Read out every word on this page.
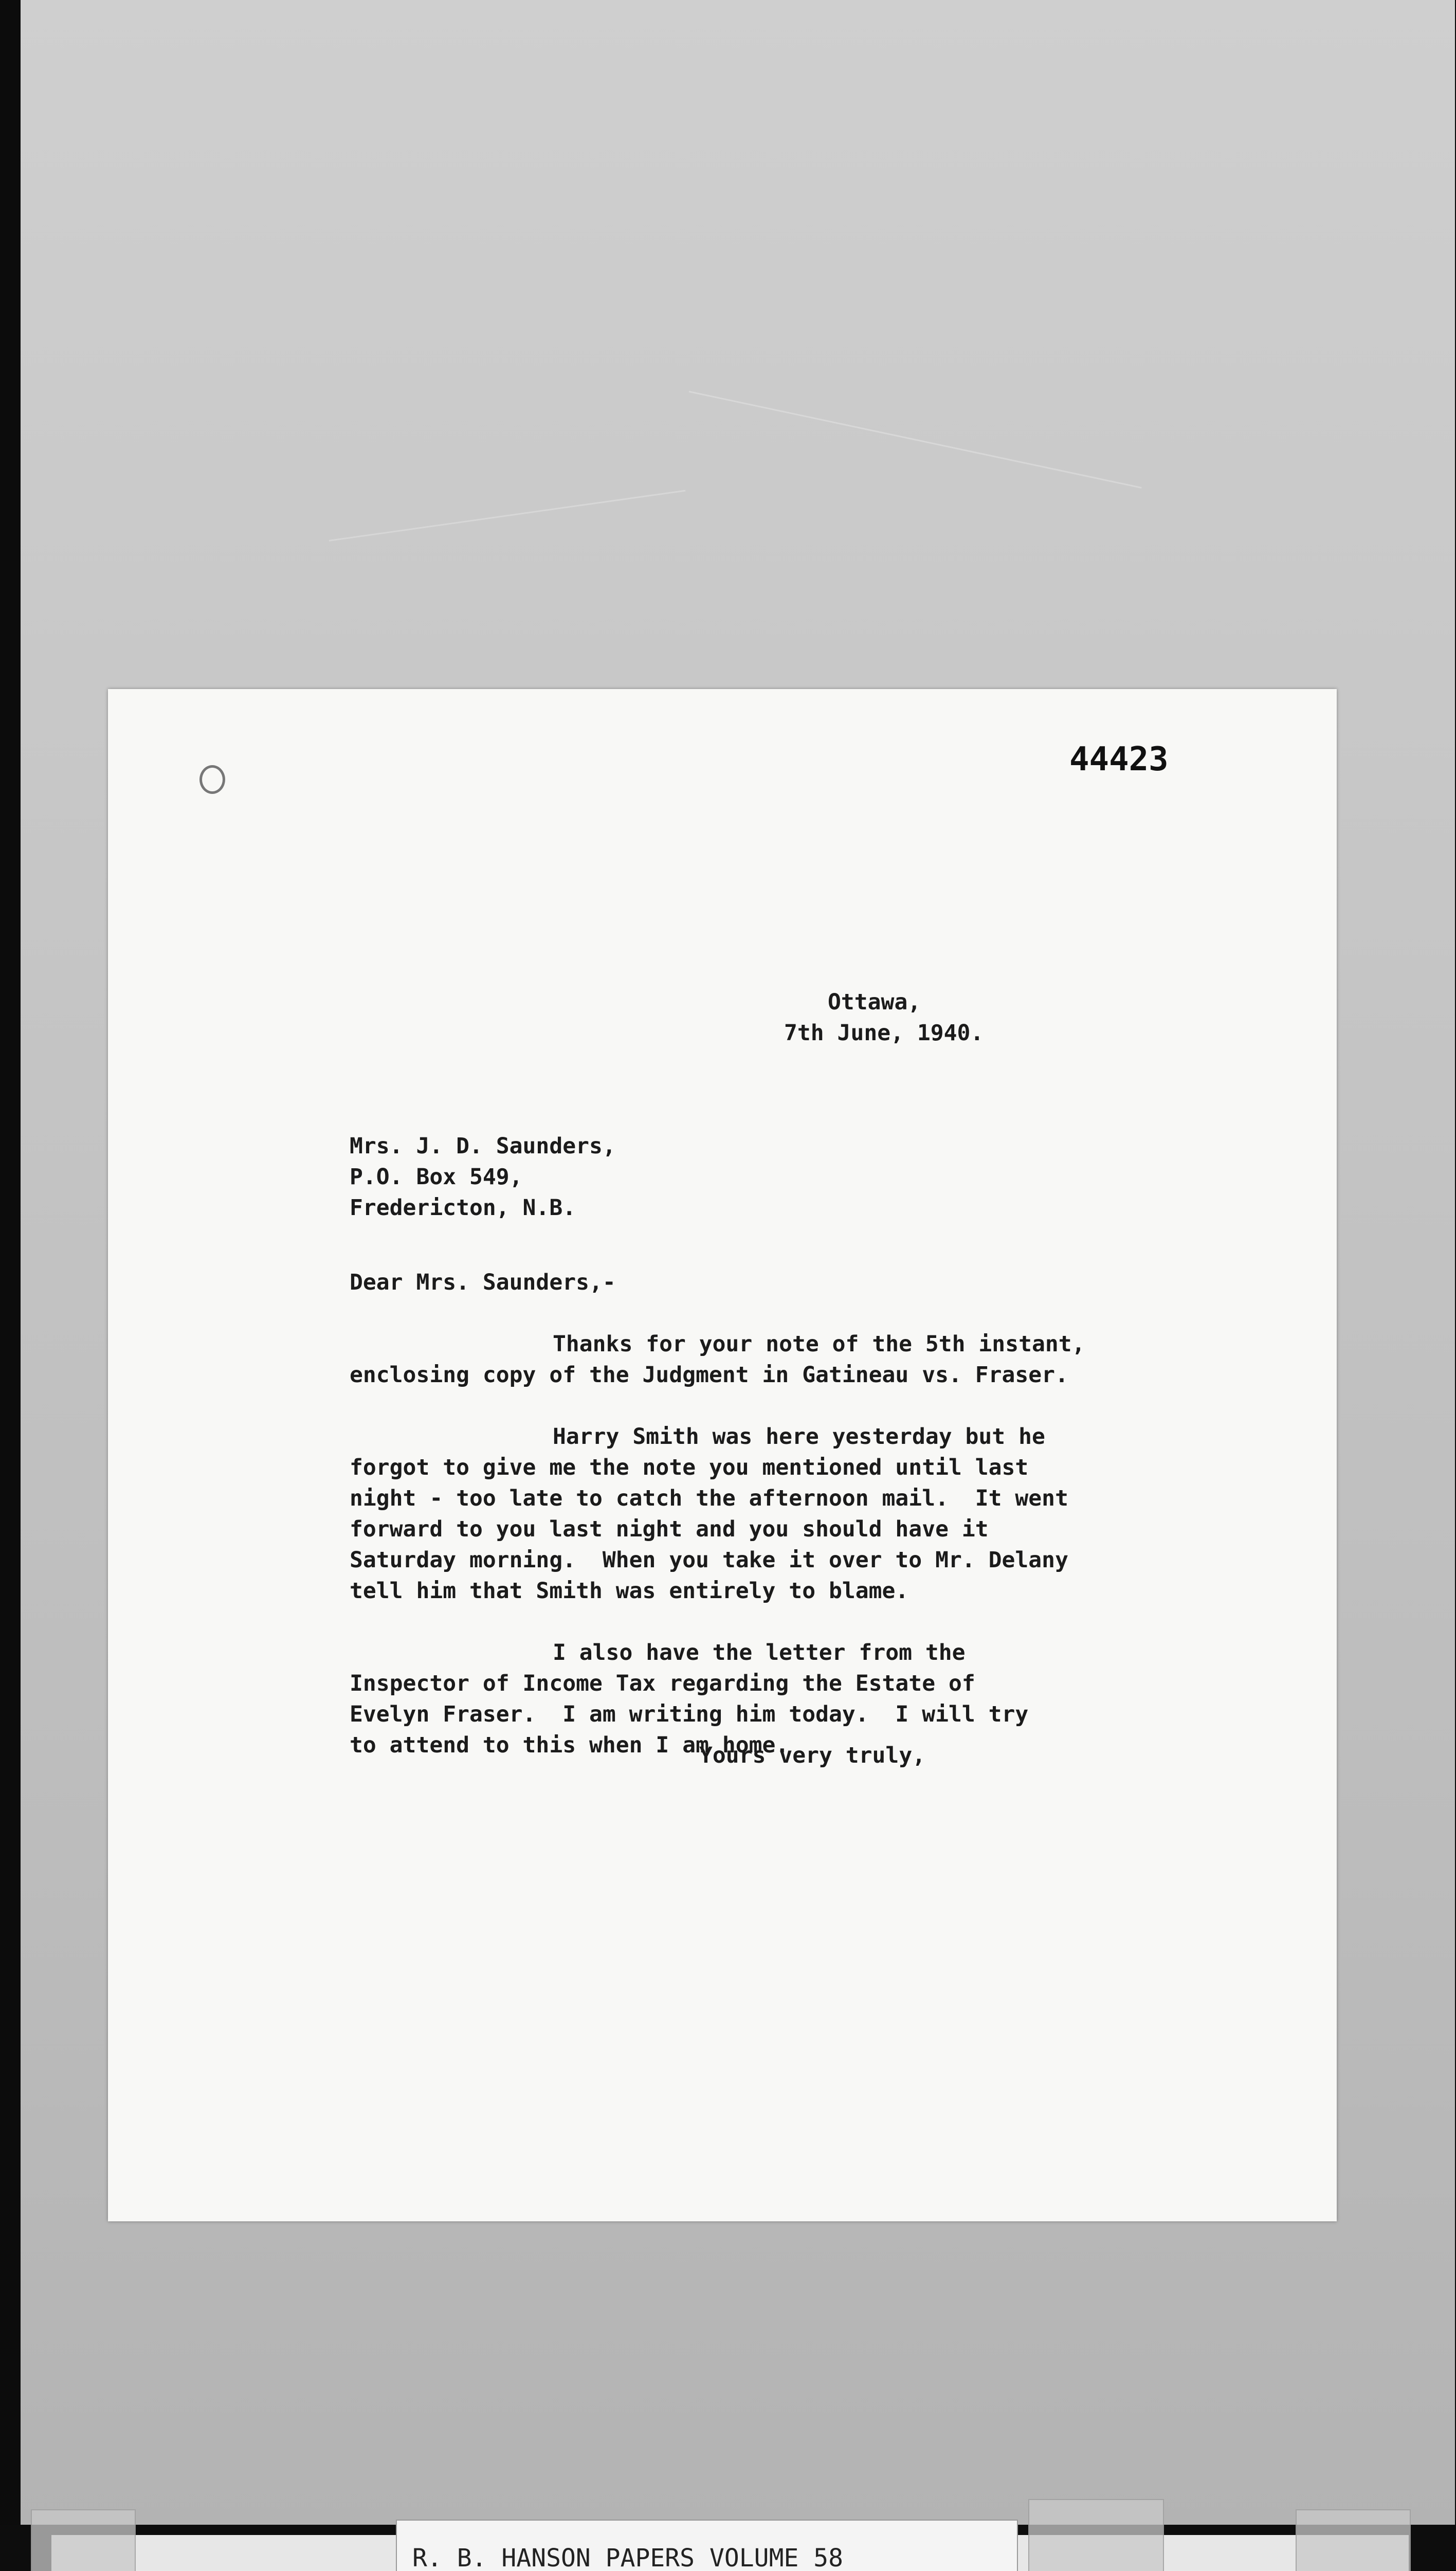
44423

Ottawa,

7th June, 1940.

Mrs. J. D. Saunders,

P.O. Box 549,

Fredericton, N.B.

Dear Mrs. Saunders,-

Thanks for your note of the 5th instant,

enclosing copy of the Judgment in Gatineau vs. Fraser.

Harry Smith was here yesterday but he

forgot to give me the note you mentioned until last

night - too late to catch the afternoon mail.  It went

forward to you last night and you should have it

Saturday morning.  When you take it over to Mr. Delany

tell him that Smith was entirely to blame.

I also have the letter from the

Inspector of Income Tax regarding the Estate of

Evelyn Fraser.  I am writing him today.  I will try

to attend to this when I am home.

Yours very truly,

R. B. HANSON PAPERS VOLUME 58
